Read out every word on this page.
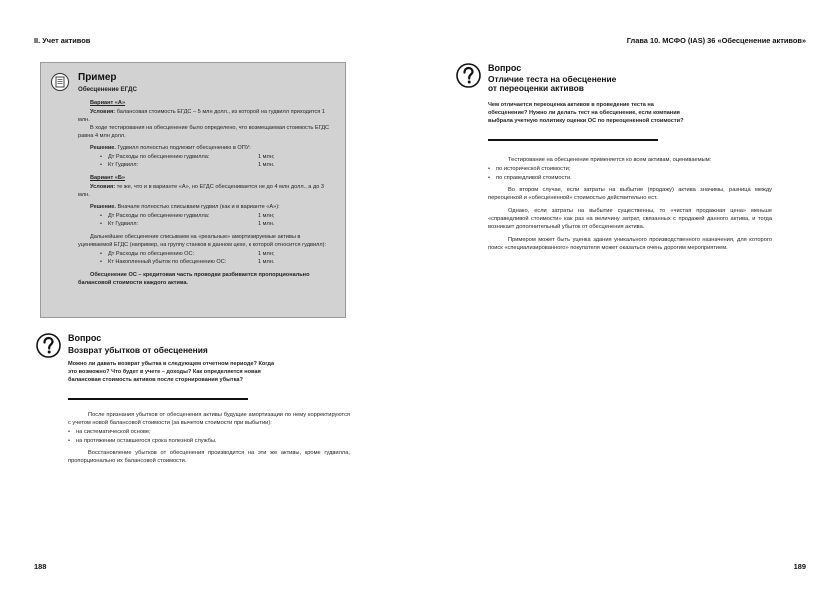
II. Учет активов	Глава 10. МСФО (IAS) 36 «Обесценение активов»
Пример

Обесценение ЕГДС

Вариант «А»

Условия: балансовая стоимость ЕГДС – 5 млн долл., из которой на гудвилл приходится 1 млн.

В ходе тестирования на обесценение было определено, что возмещаемая стоимость ЕГДС равна 4 млн долл.

Решение. Гудвилл полностью подлежит обесценению в ОПУ:

• Дт Расходы по обесценению гудвилла:	1 млн;
• Кт Гудвилл:	1 млн.

Вариант «Б»

Условия: те же, что и в варианте «А», но ЕГДС обесценивается не до 4 млн долл., а до 3 млн.

Решение. Вначале полностью списываем гудвил (как и в варианте «А»):

• Дт Расходы по обесценению гудвилла:	1 млн;
• Кт Гудвилл:	1 млн.

Дальнейшее обесценение списываем на «реальные» амортизируемые активы в уценяваемой ЕГДС (например, на группу станков в данном цехе, к которой относится гудвилл):

• Дт Расходы по обесценению ОС:	1 млн;
• Кт Накопленный убыток по обесценению ОС:	1 млн.

Обесценение ОС – кредитовая часть проводки разбивается пропорционально балансовой стоимости каждого актива.

Вопрос
Возврат убытков от обесценения

Можно ли давать возврат убытка в следующем отчетном периоде? Когда это возможно? Что будет в учете – доходы? Как определяется новая балансовая стоимость активов после сторнирования убытка?

После признания убытков от обесценения активы будущие амортизации по нему корректируются с учетом новой балансовой стоимости (за вычетом стоимости при выбытии):

• на систематической основе;
• на протяжении оставшегося срока полезной службы.

Восстановление убытков от обесценения производится на эти же активы, кроме гудвилла, пропорционально их балансовой стоимости.

Вопрос
Отличие теста на обесценение
от переоценки активов

Чем отличается переоценка активов в проведение теста на обесценение? Нужно ли делать тест на обесценение, если компания выбрала учетную политику оценки ОС по переоцененной стоимости?

Тестирование на обесценение применяется ко всем активам, оцениваемым:

• по исторической стоимости;
• по справедливой стоимости.

Во втором случае, если затраты на выбытие (продажу) актива значимы, разница между переоценкой и «обесцененной» стоимостью действительно ест.

Однако, если затраты на выбытие существенны, то «чистая продажная цена» меньше «справедливой стоимости» как раз на величину затрат, связанных с продажей данного актива, и тогда возникает дополнительный убыток от обесценения актива.

Примером может быть уценка здания уникального производственного назначения, для которого поиск «специализированного» покупателя может оказаться очень дорогим мероприятием.

188	189
